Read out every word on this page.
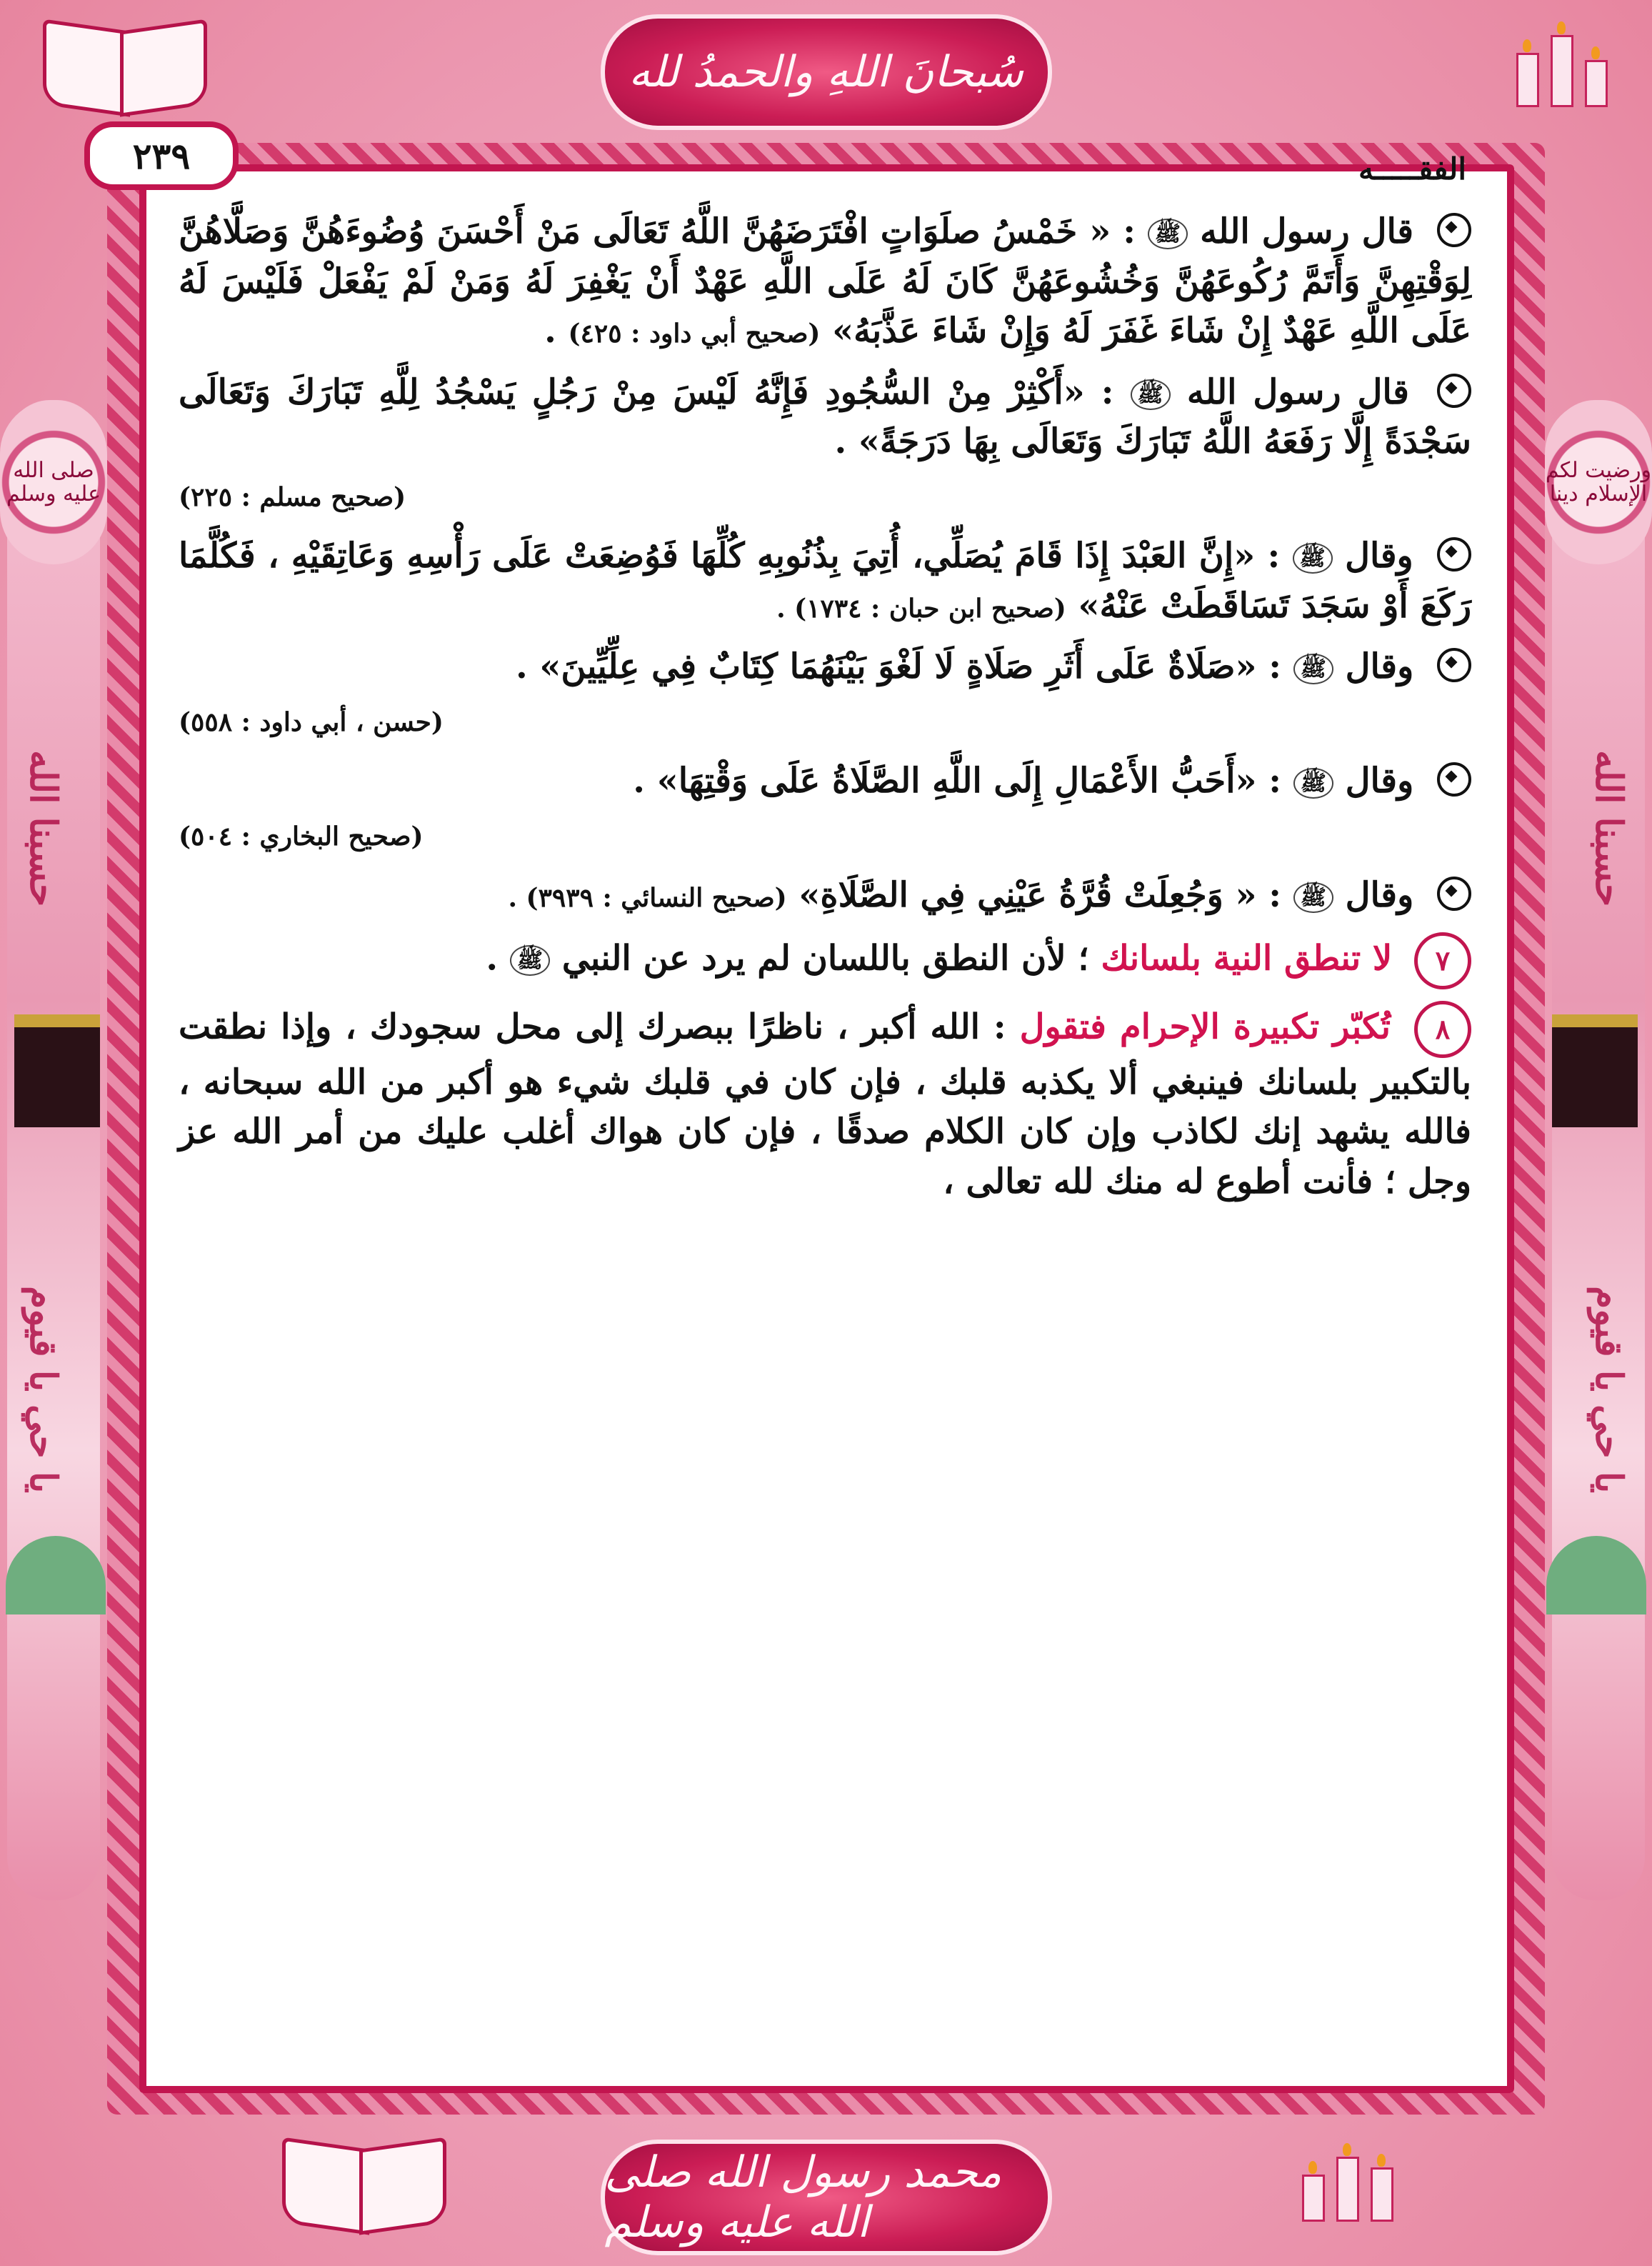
صلى الله عليه وسلم
ورضيت لكم الإسلام دينا
حسبنا الله
يا حي يا قيوم
حسبنا الله
يا حي يا قيوم
سُبحانَ اللهِ والحمدُ لله
٢٣٩	الفقـــــه

قال رسول الله ﷺ : « خَمْسُ صلَوَاتٍ افْتَرَضَهُنَّ اللَّهُ تَعَالَى مَنْ أَحْسَنَ وُضُوءَهُنَّ وَصَلَّاهُنَّ لِوَقْتِهِنَّ وَأَتَمَّ رُكُوعَهُنَّ وَخُشُوعَهُنَّ كَانَ لَهُ عَلَى اللَّهِ عَهْدٌ أَنْ يَغْفِرَ لَهُ وَمَنْ لَمْ يَفْعَلْ فَلَيْسَ لَهُ عَلَى اللَّهِ عَهْدٌ إِنْ شَاءَ غَفَرَ لَهُ وَإِنْ شَاءَ عَذَّبَهُ» (صحيح أبي داود : ٤٢٥) .

قال رسول الله ﷺ : «أَكْثِرْ مِنْ السُّجُودِ فَإِنَّهُ لَيْسَ مِنْ رَجُلٍ يَسْجُدُ لِلَّهِ تَبَارَكَ وَتَعَالَى سَجْدَةً إِلَّا رَفَعَهُ اللَّهُ تَبَارَكَ وَتَعَالَى بِهَا دَرَجَةً» .

(صحيح مسلم : ٢٢٥)

وقال ﷺ : «إِنَّ العَبْدَ إِذَا قَامَ يُصَلِّي، أُتِيَ بِذُنُوبِهِ كُلِّهَا فَوُضِعَتْ عَلَى رَأْسِهِ وَعَاتِقَيْهِ ، فَكُلَّمَا رَكَعَ أَوْ سَجَدَ تَسَاقَطَتْ عَنْهُ» (صحيح ابن حبان : ١٧٣٤) .

وقال ﷺ : «صَلَاةٌ عَلَى أَثَرِ صَلَاةٍ لَا لَغْوَ بَيْنَهُمَا كِتَابٌ فِي عِلِّيِّينَ» .

(حسن ، أبي داود : ٥٥٨)

وقال ﷺ : «أَحَبُّ الأَعْمَالِ إِلَى اللَّهِ الصَّلَاةُ عَلَى وَقْتِهَا» .

(صحيح البخاري : ٥٠٤)

وقال ﷺ : « وَجُعِلَتْ قُرَّةُ عَيْنِي فِي الصَّلَاةِ» (صحيح النسائي : ٣٩٣٩) .

٧ لا تنطق النية بلسانك ؛ لأن النطق باللسان لم يرد عن النبي ﷺ .

٨ تُكبّر تكبيرة الإحرام فتقول : الله أكبر ، ناظرًا ببصرك إلى محل سجودك ، وإذا نطقت بالتكبير بلسانك فينبغي ألا يكذبه قلبك ، فإن كان في قلبك شيء هو أكبر من الله سبحانه ، فالله يشهد إنك لكاذب وإن كان الكلام صدقًا ، فإن كان هواك أغلب عليك من أمر الله عز وجل ؛ فأنت أطوع له منك لله تعالى ،

محمد رسول الله صلى الله عليه وسلم
